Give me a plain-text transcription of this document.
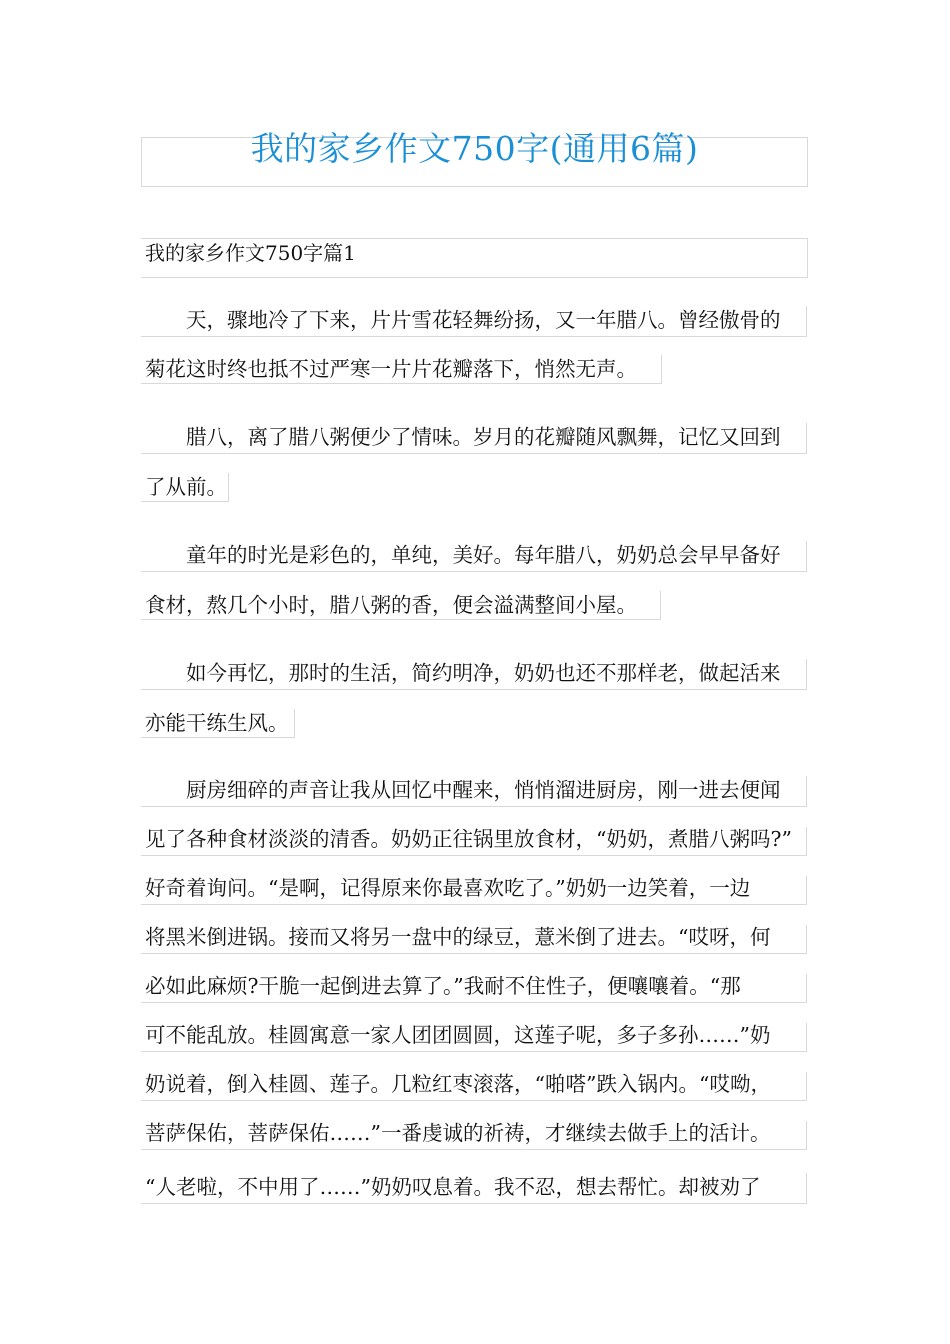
我的家乡作文750字(通用6篇)
我的家乡作文750字篇1
　　天，骤地冷了下来，片片雪花轻舞纷扬，又一年腊八。曾经傲骨的
菊花这时终也抵不过严寒一片片花瓣落下，悄然无声。
　　腊八，离了腊八粥便少了情味。岁月的花瓣随风飘舞，记忆又回到
了从前。
　　童年的时光是彩色的，单纯，美好。每年腊八，奶奶总会早早备好
食材，熬几个小时，腊八粥的香，便会溢满整间小屋。
　　如今再忆，那时的生活，简约明净，奶奶也还不那样老，做起活来
亦能干练生风。
　　厨房细碎的声音让我从回忆中醒来，悄悄溜进厨房，刚一进去便闻
见了各种食材淡淡的清香。奶奶正往锅里放食材，“奶奶，煮腊八粥吗?”
好奇着询问。“是啊，记得原来你最喜欢吃了。”奶奶一边笑着，一边
将黑米倒进锅。接而又将另一盘中的绿豆，薏米倒了进去。“哎呀，何
必如此麻烦?干脆一起倒进去算了。”我耐不住性子，便嚷嚷着。“那
可不能乱放。桂圆寓意一家人团团圆圆，这莲子呢，多子多孙……”奶
奶说着，倒入桂圆、莲子。几粒红枣滚落，“啪嗒”跌入锅内。“哎呦，
菩萨保佑，菩萨保佑……”一番虔诚的祈祷，才继续去做手上的活计。
“人老啦，不中用了……”奶奶叹息着。我不忍，想去帮忙。却被劝了
